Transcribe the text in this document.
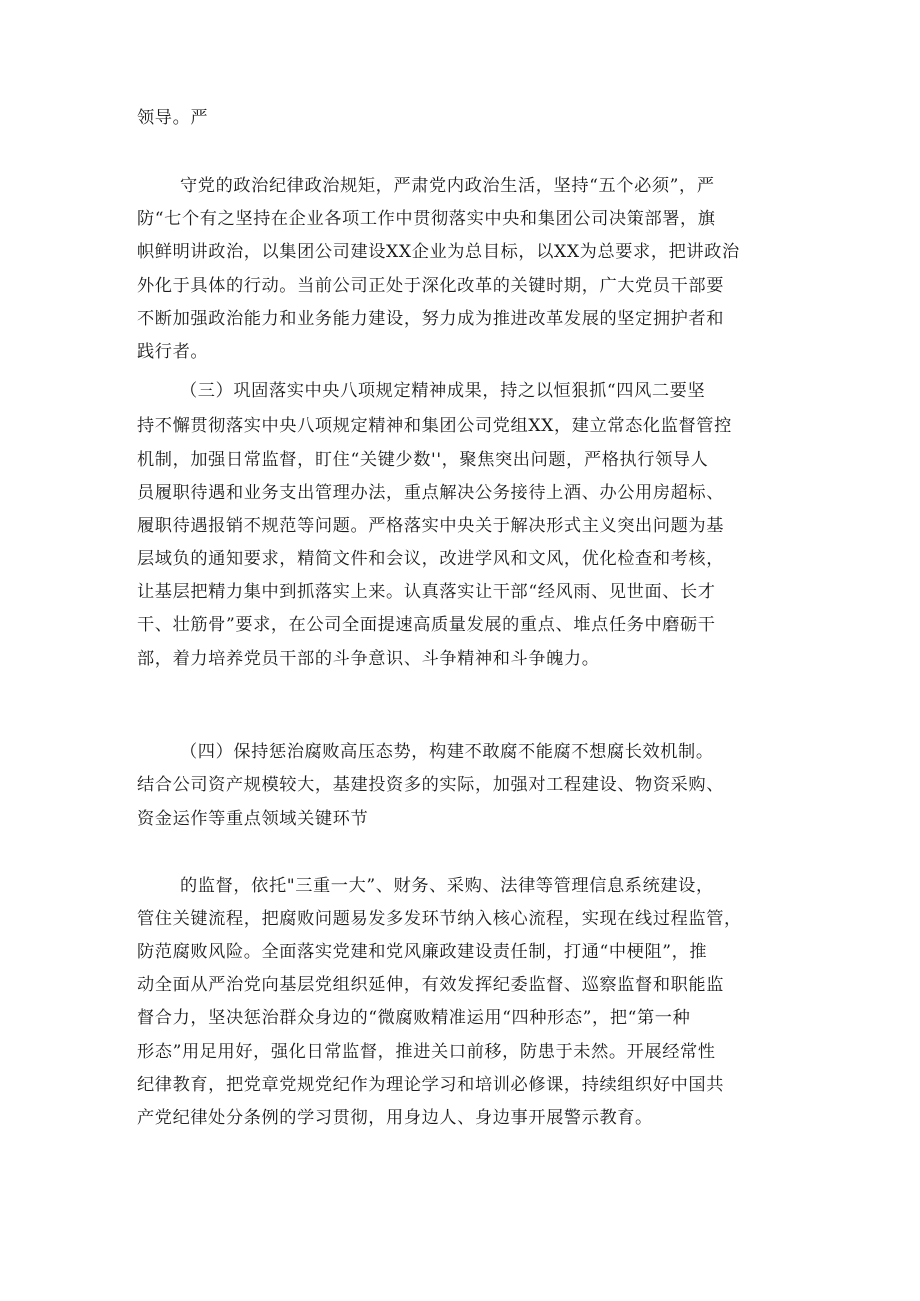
领导。严

守党的政治纪律政治规矩，严肃党内政治生活，坚持“五个必须”，严

防“七个有之坚持在企业各项工作中贯彻落实中央和集团公司决策部署，旗

帜鲜明讲政治，以集团公司建设XX企业为总目标，以XX为总要求，把讲政治

外化于具体的行动。当前公司正处于深化改革的关键时期，广大党员干部要

不断加强政治能力和业务能力建设，努力成为推进改革发展的坚定拥护者和

践行者。

（三）巩固落实中央八项规定精神成果，持之以恒狠抓“四风二要坚

持不懈贯彻落实中央八项规定精神和集团公司党组XX，建立常态化监督管控

机制，加强日常监督，盯住“关键少数''，聚焦突出问题，严格执行领导人

员履职待遇和业务支出管理办法，重点解决公务接待上酒、办公用房超标、

履职待遇报销不规范等问题。严格落实中央关于解决形式主义突出问题为基

层域负的通知要求，精简文件和会议，改进学风和文风，优化检查和考核，

让基层把精力集中到抓落实上来。认真落实让干部“经风雨、见世面、长才

干、壮筋骨”要求，在公司全面提速高质量发展的重点、堆点任务中磨砺干

部，着力培养党员干部的斗争意识、斗争精神和斗争魄力。

（四）保持惩治腐败高压态势，构建不敢腐不能腐不想腐长效机制。

结合公司资产规模较大，基建投资多的实际，加强对工程建设、物资采购、

资金运作等重点领域关键环节

的监督，依托"三重一大”、财务、采购、法律等管理信息系统建设，

管住关键流程，把腐败问题易发多发环节纳入核心流程，实现在线过程监管，

防范腐败风险。全面落实党建和党风廉政建设责任制，打通“中梗阻”，推

动全面从严治党向基层党组织延伸，有效发挥纪委监督、巡察监督和职能监

督合力，坚决惩治群众身边的“微腐败精准运用“四种形态”，把“第一种

形态”用足用好，强化日常监督，推进关口前移，防患于未然。开展经常性

纪律教育，把党章党规党纪作为理论学习和培训必修课，持续组织好中国共

产党纪律处分条例的学习贯彻，用身边人、身边事开展警示教育。
